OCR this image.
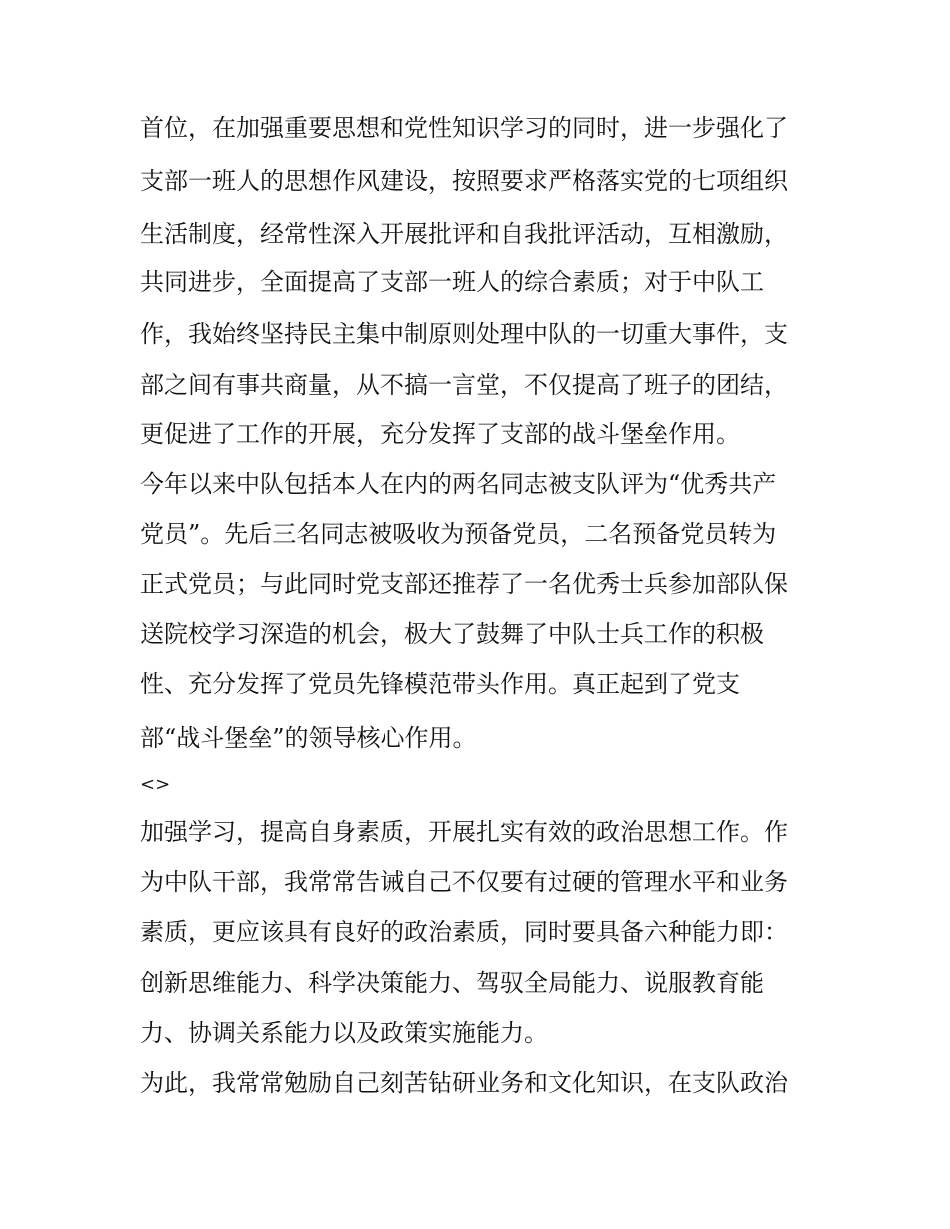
首位，在加强重要思想和党性知识学习的同时，进一步强化了
支部一班人的思想作风建设，按照要求严格落实党的七项组织
生活制度，经常性深入开展批评和自我批评活动，互相激励，
共同进步，全面提高了支部一班人的综合素质；对于中队工
作，我始终坚持民主集中制原则处理中队的一切重大事件，支
部之间有事共商量，从不搞一言堂，不仅提高了班子的团结，
更促进了工作的开展，充分发挥了支部的战斗堡垒作用。
今年以来中队包括本人在内的两名同志被支队评为“优秀共产
党员”。先后三名同志被吸收为预备党员，二名预备党员转为
正式党员；与此同时党支部还推荐了一名优秀士兵参加部队保
送院校学习深造的机会，极大了鼓舞了中队士兵工作的积极
性、充分发挥了党员先锋模范带头作用。真正起到了党支
部“战斗堡垒”的领导核心作用。
<>
加强学习，提高自身素质，开展扎实有效的政治思想工作。作
为中队干部，我常常告诫自己不仅要有过硬的管理水平和业务
素质，更应该具有良好的政治素质，同时要具备六种能力即：
创新思维能力、科学决策能力、驾驭全局能力、说服教育能
力、协调关系能力以及政策实施能力。
为此，我常常勉励自己刻苦钻研业务和文化知识，在支队政治
